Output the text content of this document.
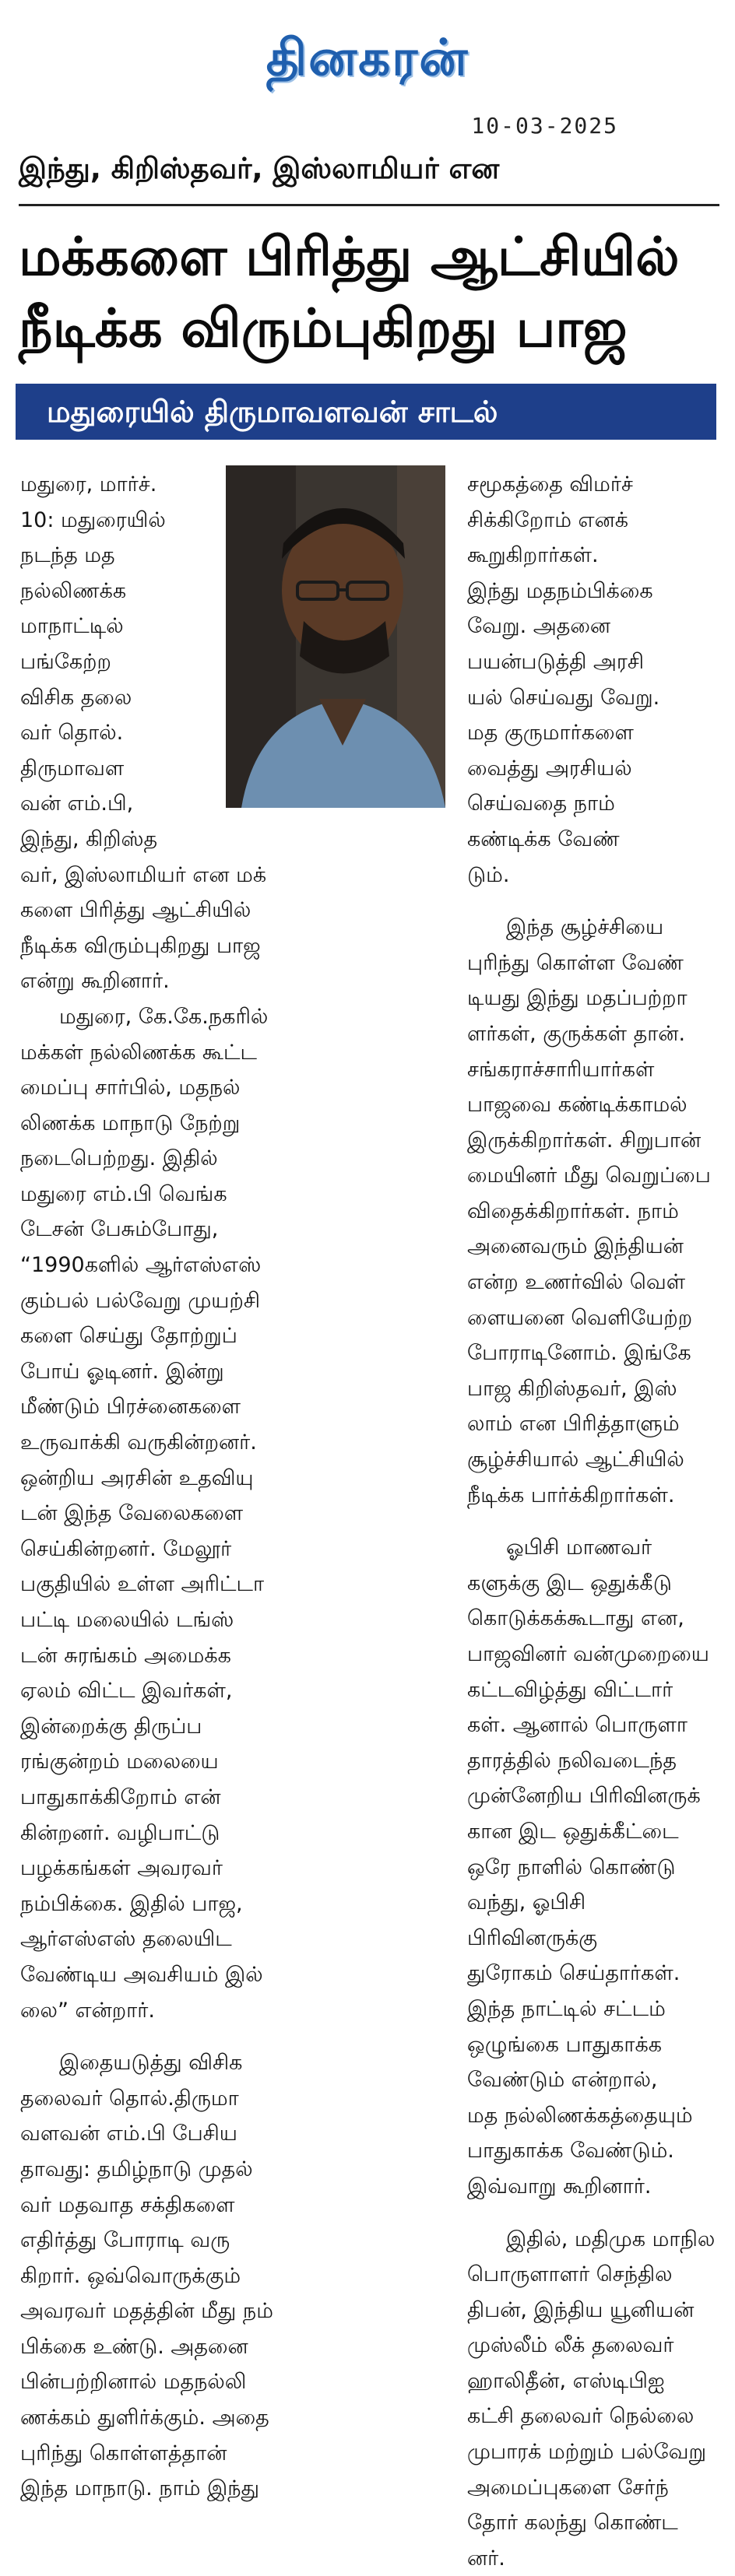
தினகரன்
10-03-2025
இந்து, கிறிஸ்தவர், இஸ்லாமியர் என
மக்களை பிரித்து ஆட்சியில்
நீடிக்க விரும்புகிறது பாஜ
மதுரையில் திருமாவளவன் சாடல்

மதுரை, மார்ச்.

10: மதுரையில்

நடந்த மத

நல்லிணக்க

மாநாட்டில்

பங்கேற்ற

விசிக தலை

வர் தொல்.

திருமாவள

வன் எம்.பி,

இந்து, கிறிஸ்த

வர், இஸ்லாமியர் என மக்

களை பிரித்து ஆட்சியில்

நீடிக்க விரும்புகிறது பாஜ

என்று கூறினார்.

மதுரை, கே.கே.நகரில்

மக்கள் நல்லிணக்க கூட்ட

மைப்பு சார்பில், மதநல்

லிணக்க மாநாடு நேற்று

நடைபெற்றது. இதில்

மதுரை எம்.பி வெங்க

டேசன் பேசும்போது,

“1990களில் ஆர்எஸ்எஸ்

கும்பல் பல்வேறு முயற்சி

களை செய்து தோற்றுப்

போய் ஓடினர். இன்று

மீண்டும் பிரச்னைகளை

உருவாக்கி வருகின்றனர்.

ஒன்றிய அரசின் உதவியு

டன் இந்த வேலைகளை

செய்கின்றனர். மேலூர்

பகுதியில் உள்ள அரிட்டா

பட்டி மலையில் டங்ஸ்

டன் சுரங்கம் அமைக்க

ஏலம் விட்ட இவர்கள்,

இன்றைக்கு திருப்ப

ரங்குன்றம் மலையை

பாதுகாக்கிறோம் என்

கின்றனர். வழிபாட்டு

பழக்கங்கள் அவரவர்

நம்பிக்கை. இதில் பாஜ,

ஆர்எஸ்எஸ் தலையிட

வேண்டிய அவசியம் இல்

லை” என்றார்.

இதையடுத்து விசிக

தலைவர் தொல்.திருமா

வளவன் எம்.பி பேசிய

தாவது: தமிழ்நாடு முதல்

வர் மதவாத சக்திகளை

எதிர்த்து போராடி வரு

கிறார். ஒவ்வொருக்கும்

அவரவர் மதத்தின் மீது நம்

பிக்கை உண்டு. அதனை

பின்பற்றினால் மதநல்லி

ணக்கம் துளிர்க்கும். அதை

புரிந்து கொள்ளத்தான்

இந்த மாநாடு. நாம் இந்து

சமூகத்தை விமர்ச்

சிக்கிறோம் எனக்

கூறுகிறார்கள்.

இந்து மதநம்பிக்கை

வேறு. அதனை

பயன்படுத்தி அரசி

யல் செய்வது வேறு.

மத குருமார்களை

வைத்து அரசியல்

செய்வதை நாம்

கண்டிக்க வேண்

டும்.

இந்த சூழ்ச்சியை

புரிந்து கொள்ள வேண்

டியது இந்து மதப்பற்றா

ளர்கள், குருக்கள் தான்.

சங்கராச்சாரியார்கள்

பாஜவை கண்டிக்காமல்

இருக்கிறார்கள். சிறுபான்

மையினர் மீது வெறுப்பை

விதைக்கிறார்கள். நாம்

அனைவரும் இந்தியன்

என்ற உணர்வில் வெள்

ளையனை வெளியேற்ற

போராடினோம். இங்கே

பாஜ கிறிஸ்தவர், இஸ்

லாம் என பிரித்தாளும்

சூழ்ச்சியால் ஆட்சியில்

நீடிக்க பார்க்கிறார்கள்.

ஓபிசி மாணவர்

களுக்கு இட ஒதுக்கீடு

கொடுக்கக்கூடாது என,

பாஜவினர் வன்முறையை

கட்டவிழ்த்து விட்டார்

கள். ஆனால் பொருளா

தாரத்தில் நலிவடைந்த

முன்னேறிய பிரிவினருக்

கான இட ஒதுக்கீட்டை

ஒரே நாளில் கொண்டு

வந்து, ஓபிசி பிரிவினருக்கு

துரோகம் செய்தார்கள்.

இந்த நாட்டில் சட்டம்

ஒழுங்கை பாதுகாக்க

வேண்டும் என்றால்,

மத நல்லிணக்கத்தையும்

பாதுகாக்க வேண்டும்.

இவ்வாறு கூறினார்.

இதில், மதிமுக மாநில

பொருளாளர் செந்தில

திபன், இந்திய யூனியன்

முஸ்லீம் லீக் தலைவர்

ஹாலிதீன், எஸ்டிபிஐ

கட்சி தலைவர் நெல்லை

முபாரக் மற்றும் பல்வேறு

அமைப்புகளை சேர்ந்

தோர் கலந்து கொண்ட

னர்.
